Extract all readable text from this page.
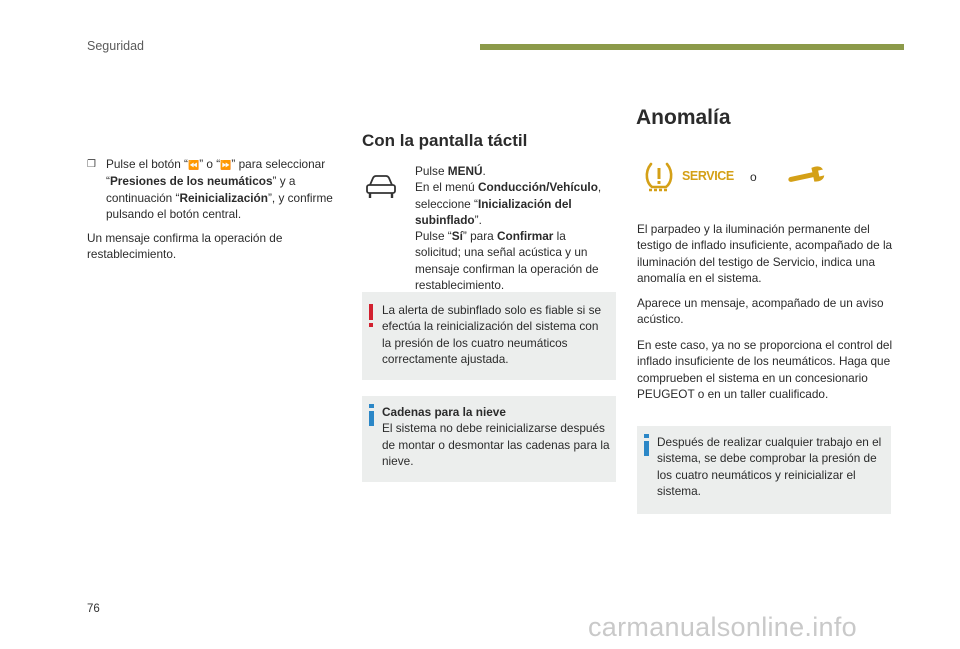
Seguridad
❒ Pulse el botón “⏪” o “⏩” para seleccionar “Presiones de los neumáticos” y a continuación “Reinicialización”, y confirme pulsando el botón central.
Un mensaje confirma la operación de restablecimiento.
Con la pantalla táctil
Pulse MENÚ.
En el menú Conducción/Vehículo, seleccione “Inicialización del subinflado”.
Pulse “Sí” para Confirmar la solicitud; una señal acústica y un mensaje confirman la operación de restablecimiento.
La alerta de subinflado solo es fiable si se efectúa la reinicialización del sistema con la presión de los cuatro neumáticos correctamente ajustada.
Cadenas para la nieve
El sistema no debe reinicializarse después de montar o desmontar las cadenas para la nieve.
Anomalía
SERVICE o
El parpadeo y la iluminación permanente del testigo de inflado insuficiente, acompañado de la iluminación del testigo de Servicio, indica una anomalía en el sistema.
Aparece un mensaje, acompañado de un aviso acústico.
En este caso, ya no se proporciona el control del inflado insuficiente de los neumáticos. Haga que comprueben el sistema en un concesionario PEUGEOT o en un taller cualificado.
Después de realizar cualquier trabajo en el sistema, se debe comprobar la presión de los cuatro neumáticos y reinicializar el sistema.
76
carmanualsonline.info
